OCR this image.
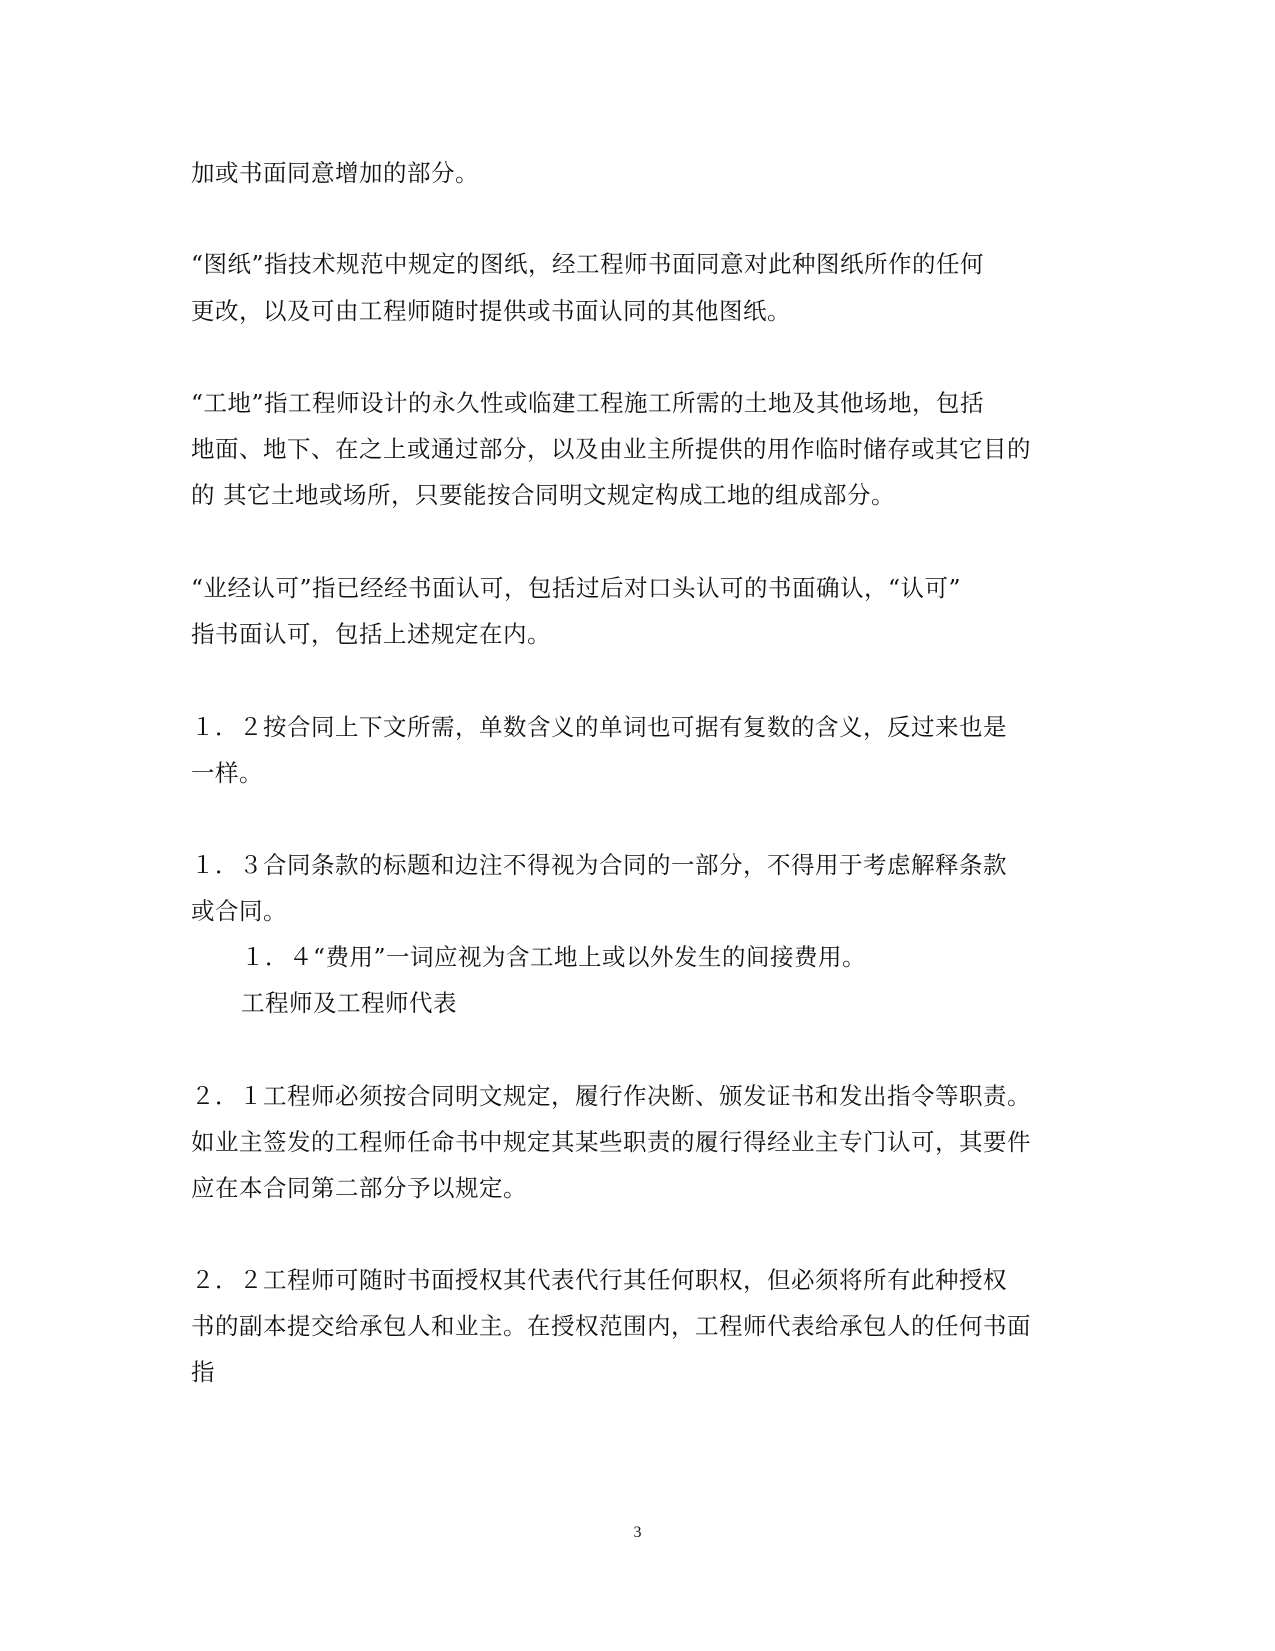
加或书面同意增加的部分。
“图纸”指技术规范中规定的图纸，经工程师书面同意对此种图纸所作的任何
更改，以及可由工程师随时提供或书面认同的其他图纸。
“工地”指工程师设计的永久性或临建工程施工所需的土地及其他场地，包括
地面、地下、在之上或通过部分，以及由业主所提供的用作临时储存或其它目的
的 其它土地或场所，只要能按合同明文规定构成工地的组成部分。
“业经认可”指已经经书面认可，包括过后对口头认可的书面确认，“认可”
指书面认可，包括上述规定在内。
１．２按合同上下文所需，单数含义的单词也可据有复数的含义，反过来也是
一样。
１．３合同条款的标题和边注不得视为合同的一部分，不得用于考虑解释条款
或合同。
１．４“费用”一词应视为含工地上或以外发生的间接费用。
工程师及工程师代表
２．１工程师必须按合同明文规定，履行作决断、颁发证书和发出指令等职责。
如业主签发的工程师任命书中规定其某些职责的履行得经业主专门认可，其要件
应在本合同第二部分予以规定。
２．２工程师可随时书面授权其代表代行其任何职权，但必须将所有此种授权
书的副本提交给承包人和业主。在授权范围内，工程师代表给承包人的任何书面
指
3
